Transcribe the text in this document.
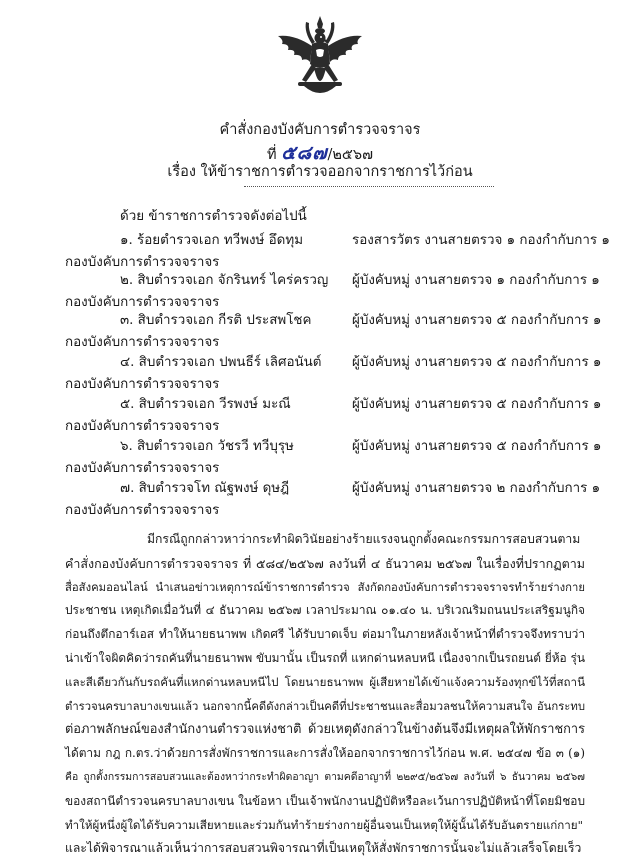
คำสั่งกองบังคับการตำรวจจราจร
ที่ ๕๘๗/๒๕๖๗
เรื่อง ให้ข้าราชการตำรวจออกจากราชการไว้ก่อน
ด้วย ข้าราชการตำรวจดังต่อไปนี้
๑. ร้อยตำรวจเอก ทวีพงษ์ อึดทุม	รองสารวัตร งานสายตรวจ ๑ กองกำกับการ ๑
กองบังคับการตำรวจจราจร
๒. สิบตำรวจเอก จักรินทร์ ไคร่ครวญ ผู้บังคับหมู่ งานสายตรวจ ๑ กองกำกับการ ๑
กองบังคับการตำรวจจราจร
๓. สิบตำรวจเอก กีรติ ประสพโชค	ผู้บังคับหมู่ งานสายตรวจ ๕ กองกำกับการ ๑
กองบังคับการตำรวจจราจร
๔. สิบตำรวจเอก ปพนธีร์ เลิศอนันต์ ผู้บังคับหมู่ งานสายตรวจ ๕ กองกำกับการ ๑
กองบังคับการตำรวจจราจร
๕. สิบตำรวจเอก วีรพงษ์ มะณี	ผู้บังคับหมู่ งานสายตรวจ ๕ กองกำกับการ ๑
กองบังคับการตำรวจจราจร
๖. สิบตำรวจเอก วัชรวี ทวีบุรุษ	ผู้บังคับหมู่ งานสายตรวจ ๕ กองกำกับการ ๑
กองบังคับการตำรวจจราจร
๗. สิบตำรวจโท ณัฐพงษ์ ดุษฎี	ผู้บังคับหมู่ งานสายตรวจ ๒ กองกำกับการ ๑
กองบังคับการตำรวจจราจร
มีกรณีถูกกล่าวหาว่ากระทำผิดวินัยอย่างร้ายแรงจนถูกตั้งคณะกรรมการสอบสวนตาม
คำสั่งกองบังคับการตำรวจจราจร ที่ ๕๘๔/๒๕๖๗ ลงวันที่ ๔ ธันวาคม ๒๕๖๗ ในเรื่องที่ปรากฏตาม
สื่อสังคมออนไลน์ นำเสนอข่าวเหตุการณ์ข้าราชการตำรวจ สังกัดกองบังคับการตำรวจจราจรทำร้ายร่างกาย
ประชาชน เหตุเกิดเมื่อวันที่ ๔ ธันวาคม ๒๕๖๗ เวลาประมาณ ๐๑.๔๐ น. บริเวณริมถนนประเสริฐมนูกิจ
ก่อนถึงตึกอาร์เอส ทำให้นายธนาพพ เกิดศรี ได้รับบาดเจ็บ ต่อมาในภายหลังเจ้าหน้าที่ตำรวจจึงทราบว่า
น่าเข้าใจผิดคิดว่ารถคันที่นายธนาพพ ขับมานั้น เป็นรถที่ แหกด่านหลบหนี เนื่องจากเป็นรถยนต์ ยี่ห้อ รุ่น
และสีเดียวกันกับรถคันที่แหกด่านหลบหนีไป โดยนายธนาพพ ผู้เสียหายได้เข้าแจ้งความร้องทุกข์ไว้ที่สถานี
ตำรวจนครบาลบางเขนแล้ว นอกจากนี้คดีดังกล่าวเป็นคดีที่ประชาชนและสื่อมวลชนให้ความสนใจ อันกระทบ
ต่อภาพลักษณ์ของสำนักงานตำรวจแห่งชาติ ด้วยเหตุดังกล่าวในข้างต้นจึงมีเหตุผลให้พักราชการ
ได้ตาม กฎ ก.ตร.ว่าด้วยการสั่งพักราชการและการสั่งให้ออกจากราชการไว้ก่อน พ.ศ. ๒๕๔๗ ข้อ ๓ (๑)
คือ ถูกตั้งกรรมการสอบสวนและต้องหาว่ากระทำผิดอาญา ตามคดีอาญาที่ ๒๒๙๕/๒๕๖๗ ลงวันที่ ๖ ธันวาคม ๒๕๖๗
ของสถานีตำรวจนครบาลบางเขน ในข้อหา เป็นเจ้าพนักงานปฏิบัติหรือละเว้นการปฏิบัติหน้าที่โดยมิชอบ
ทำให้ผู้หนึ่งผู้ใดได้รับความเสียหายและร่วมกันทำร้ายร่างกายผู้อื่นจนเป็นเหตุให้ผู้นั้นได้รับอันตรายแก่กาย"
และได้พิจารณาแล้วเห็นว่าการสอบสวนพิจารณาที่เป็นเหตุให้สั่งพักราชการนั้นจะไม่แล้วเสร็จโดยเร็ว
